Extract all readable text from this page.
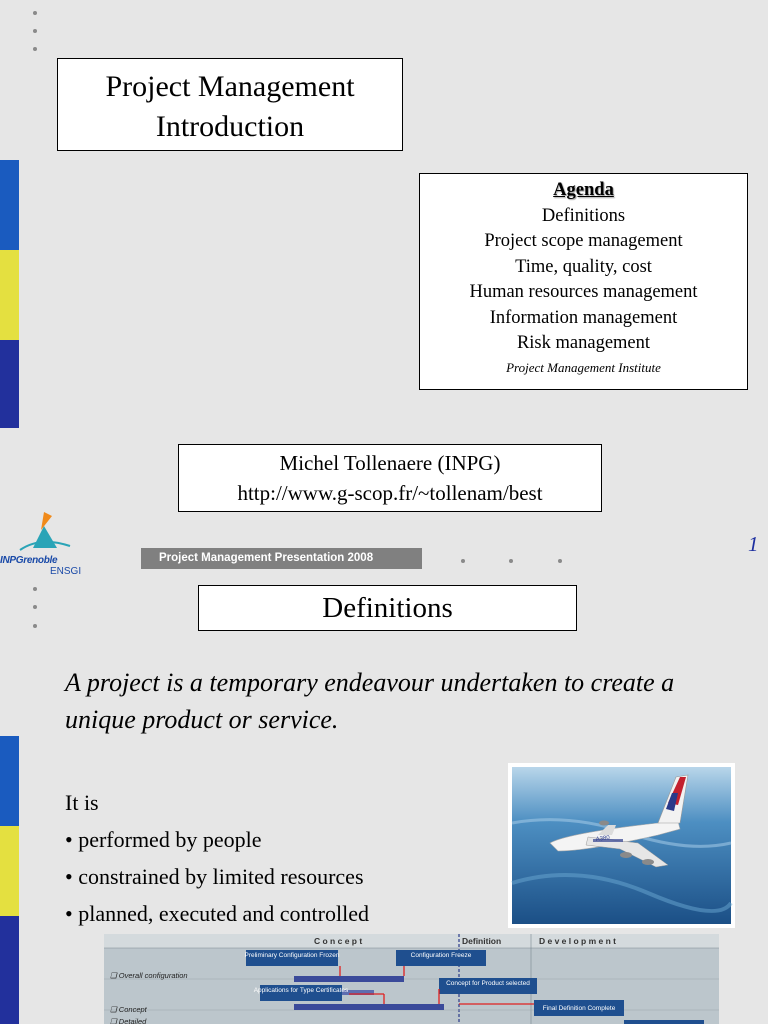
Project Management
Introduction
Agenda
Definitions
Project scope management
Time, quality, cost
Human resources management
Information management
Risk management
Project Management Institute
Michel Tollenaere (INPG)
http://www.g-scop.fr/~tollenam/best
INPGrenoble
ENSGI
Project Management Presentation 2008
1
Definitions
A project is a temporary endeavour undertaken to create a unique product or service.
It is
• performed by people
• constrained by limited resources
• planned, executed and controlled
A380
C o n c e p t	Definition	D e v e l o p m e n t
❑ Overall configuration
❑ Concept
❑ Detailed
Preliminary Configuration Frozen	Configuration Freeze
Applications for Type Certificates
Concept for Product selected
Final Definition Complete
